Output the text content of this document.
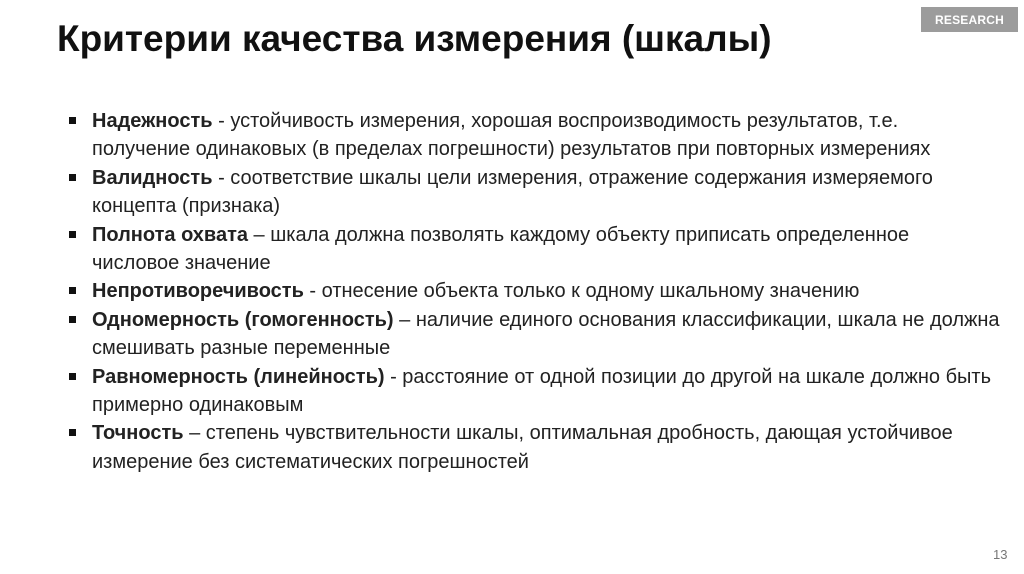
RESEARCH
Критерии качества измерения (шкалы)
Надежность - устойчивость измерения, хорошая воспроизводимость результатов, т.е. получение одинаковых (в пределах погрешности) результатов при повторных измерениях
Валидность - соответствие шкалы цели измерения, отражение содержания измеряемого концепта (признака)
Полнота охвата – шкала должна позволять каждому объекту приписать определенное числовое значение
Непротиворечивость - отнесение объекта только к одному шкальному значению
Одномерность (гомогенность) – наличие единого основания классификации, шкала не должна смешивать разные переменные
Равномерность (линейность) - расстояние от одной позиции до другой на шкале должно быть примерно одинаковым
Точность – степень чувствительности шкалы, оптимальная дробность, дающая устойчивое измерение без систематических погрешностей
13
